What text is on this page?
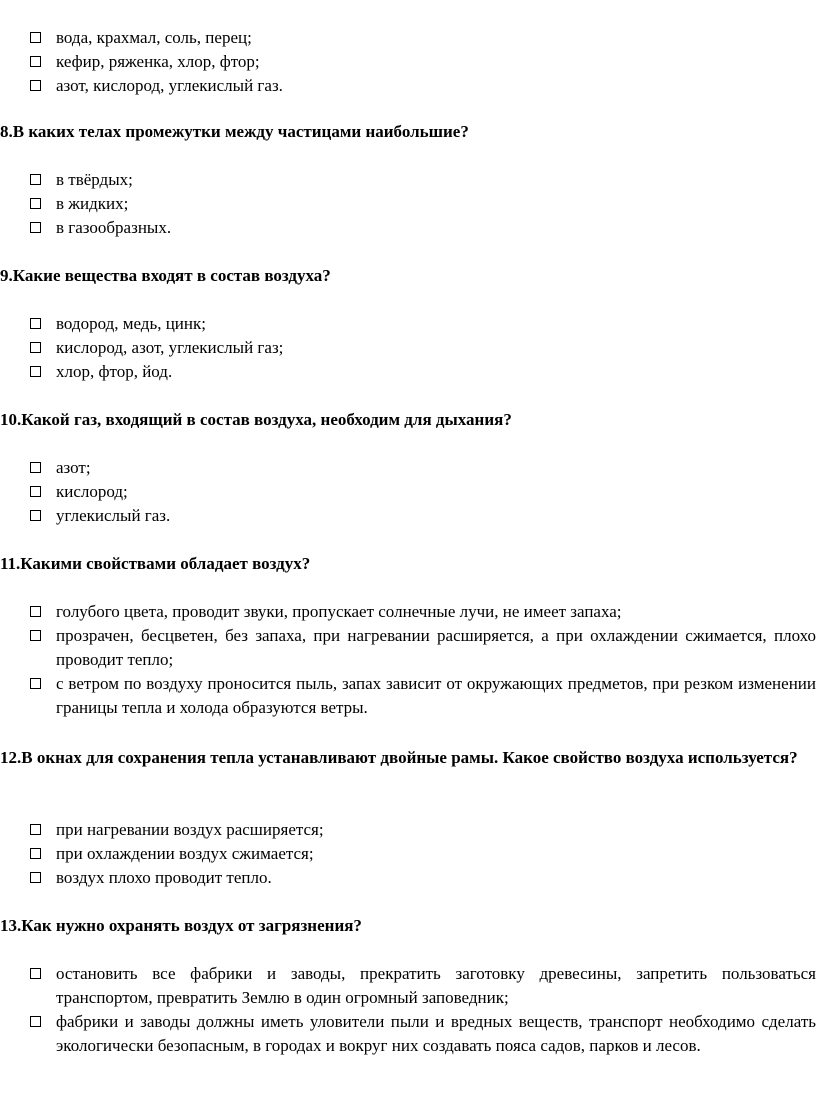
вода, крахмал, соль, перец;
кефир, ряженка, хлор, фтор;
азот, кислород, углекислый газ.
8.В каких телах промежутки между частицами наибольшие?
в твёрдых;
в жидких;
в газообразных.
9.Какие вещества входят в состав воздуха?
водород, медь, цинк;
кислород, азот, углекислый газ;
хлор, фтор, йод.
10.Какой газ, входящий в состав воздуха, необходим для дыхания?
азот;
кислород;
углекислый газ.
11.Какими свойствами обладает воздух?
голубого цвета, проводит звуки, пропускает солнечные лучи, не имеет запаха;
прозрачен, бесцветен, без запаха, при нагревании расширяется, а при охлаждении сжимается, плохо проводит тепло;
с ветром по воздуху проносится пыль, запах зависит от окружающих предметов, при резком изменении границы тепла и холода образуются ветры.
12.В окнах для сохранения тепла устанавливают двойные рамы. Какое свойство воздуха используется?
при нагревании воздух расширяется;
при охлаждении воздух сжимается;
воздух плохо проводит тепло.
13.Как нужно охранять воздух от загрязнения?
остановить все фабрики и заводы, прекратить заготовку древесины, запретить пользоваться транспортом, превратить Землю в один огромный заповедник;
фабрики и заводы должны иметь уловители пыли и вредных веществ, транспорт необходимо сделать экологически безопасным, в городах и вокруг них создавать пояса садов, парков и лесов.
